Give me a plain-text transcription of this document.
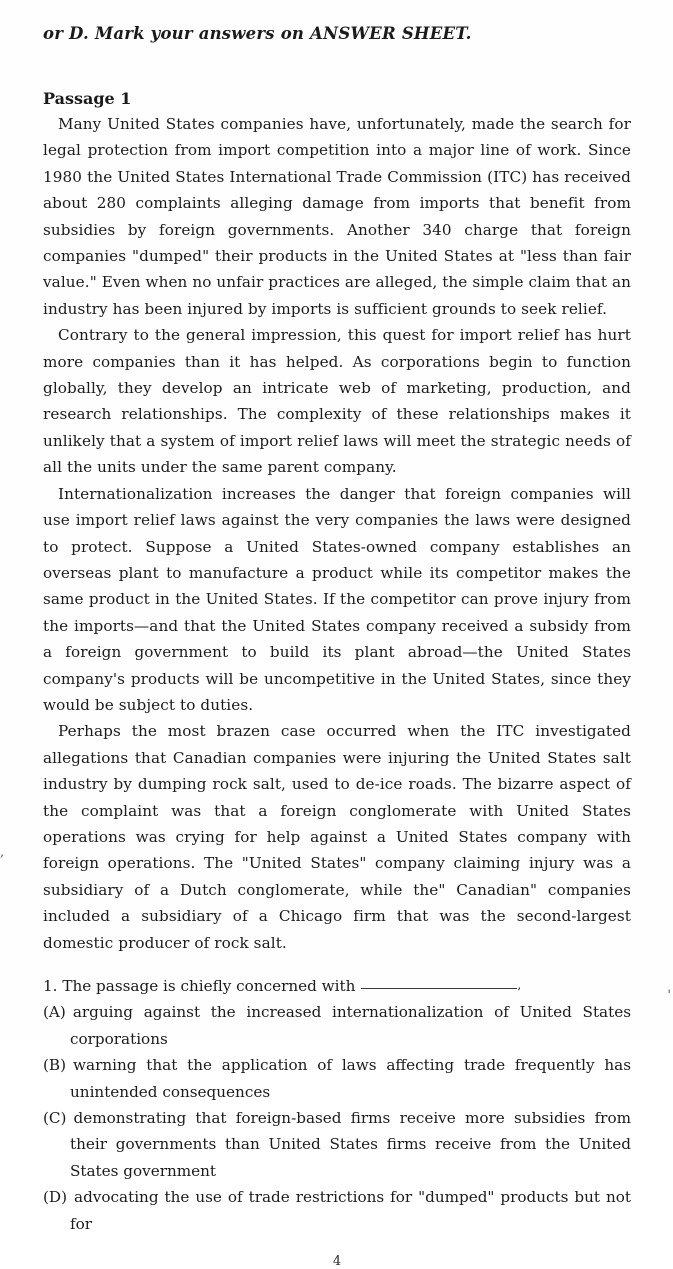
or D. Mark your answers on ANSWER SHEET.
Passage 1

Many United States companies have, unfortunately, made the search for legal protection from import competition into a major line of work. Since 1980 the United States International Trade Commission (ITC) has received about 280 complaints alleging damage from imports that benefit from subsidies by foreign governments. Another 340 charge that foreign companies "dumped" their products in the United States at "less than fair value." Even when no unfair practices are alleged, the simple claim that an industry has been injured by imports is sufficient grounds to seek relief.

Contrary to the general impression, this quest for import relief has hurt more companies than it has helped. As corporations begin to function globally, they develop an intricate web of marketing, production, and research relationships. The complexity of these relationships makes it unlikely that a system of import relief laws will meet the strategic needs of all the units under the same parent company.

Internationalization increases the danger that foreign companies will use import relief laws against the very companies the laws were designed to protect. Suppose a United States-owned company establishes an overseas plant to manufacture a product while its competitor makes the same product in the United States. If the competitor can prove injury from the imports—and that the United States company received a subsidy from a foreign government to build its plant abroad—the United States company's products will be uncompetitive in the United States, since they would be subject to duties.

Perhaps the most brazen case occurred when the ITC investigated allegations that Canadian companies were injuring the United States salt industry by dumping rock salt, used to de-ice roads. The bizarre aspect of the complaint was that a foreign conglomerate with United States operations was crying for help against a United States company with foreign operations. The "United States" company claiming injury was a subsidiary of a Dutch conglomerate, while the" Canadian" companies included a subsidiary of a Chicago firm that was the second-largest domestic producer of rock salt.

1. The passage is chiefly concerned with	,
(A) arguing against the increased internationalization of United States corporations
(B) warning that the application of laws affecting trade frequently has unintended consequences
(C) demonstrating that foreign-based firms receive more subsidies from their governments than United States firms receive from the United States government
(D) advocating the use of trade restrictions for "dumped" products but not for
4
,
'
